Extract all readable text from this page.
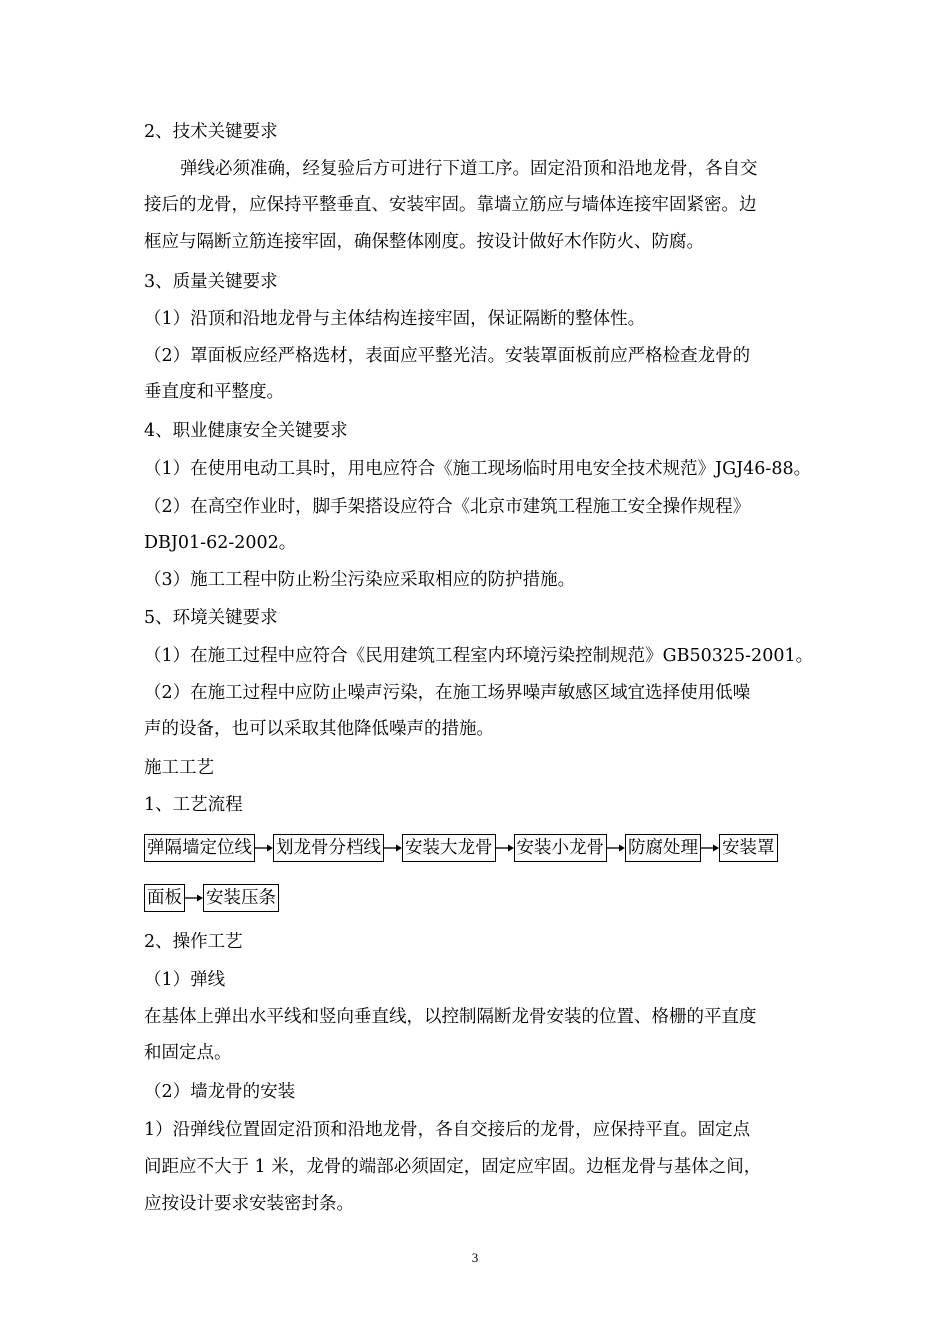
2、技术关键要求

弹线必须准确，经复验后方可进行下道工序。固定沿顶和沿地龙骨，各自交

接后的龙骨，应保持平整垂直、安装牢固。靠墙立筋应与墙体连接牢固紧密。边

框应与隔断立筋连接牢固，确保整体刚度。按设计做好木作防火、防腐。

3、质量关键要求

（1）沿顶和沿地龙骨与主体结构连接牢固，保证隔断的整体性。

（2）罩面板应经严格选材，表面应平整光洁。安装罩面板前应严格检查龙骨的

垂直度和平整度。

4、职业健康安全关键要求

（1）在使用电动工具时，用电应符合《施工现场临时用电安全技术规范》JGJ46-88。

（2）在高空作业时，脚手架搭设应符合《北京市建筑工程施工安全操作规程》

DBJ01-62-2002。

（3）施工工程中防止粉尘污染应采取相应的防护措施。

5、环境关键要求

（1）在施工过程中应符合《民用建筑工程室内环境污染控制规范》GB50325-2001。

（2）在施工过程中应防止噪声污染，在施工场界噪声敏感区域宜选择使用低噪

声的设备，也可以采取其他降低噪声的措施。

施工工艺

1、工艺流程

弹隔墙定位线 划龙骨分档线 安装大龙骨 安装小龙骨 防腐处理 安装罩
面板 安装压条

2、操作工艺

（1）弹线

在基体上弹出水平线和竖向垂直线，以控制隔断龙骨安装的位置、格栅的平直度

和固定点。

（2）墙龙骨的安装

1）沿弹线位置固定沿顶和沿地龙骨，各自交接后的龙骨，应保持平直。固定点

间距应不大于 1 米，龙骨的端部必须固定，固定应牢固。边框龙骨与基体之间，

应按设计要求安装密封条。

3
